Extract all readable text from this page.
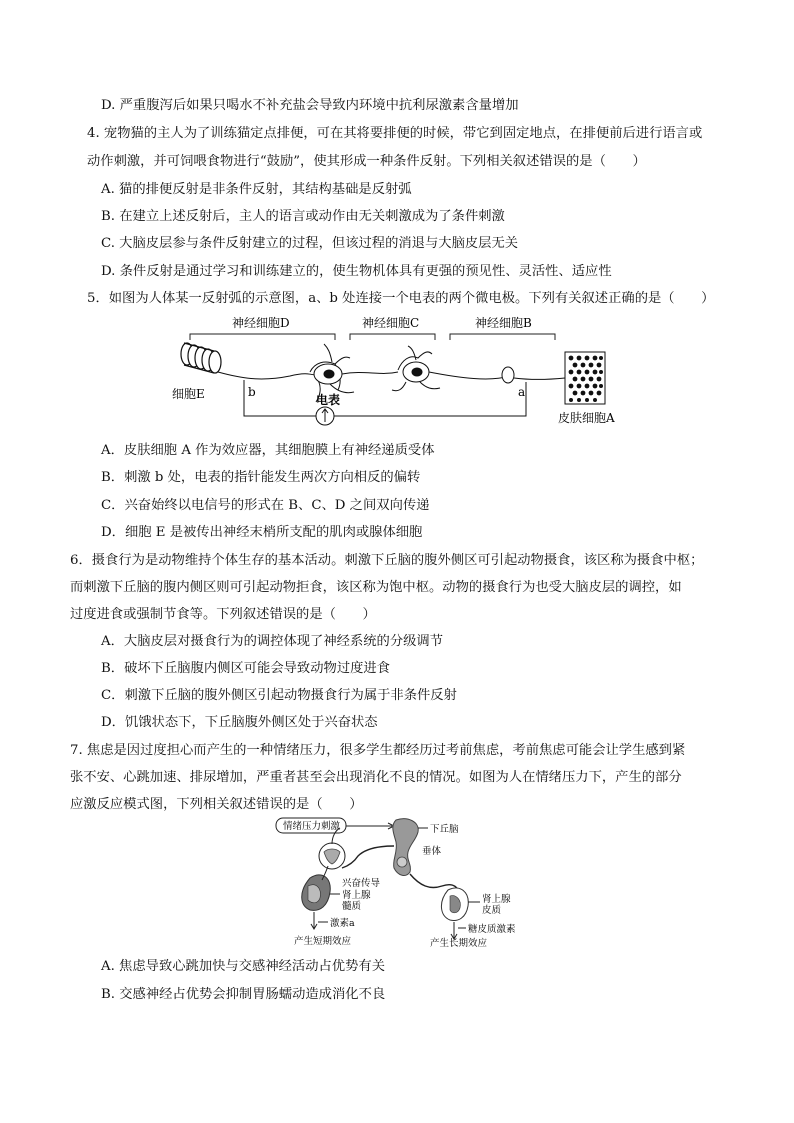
D. 严重腹泻后如果只喝水不补充盐会导致内环境中抗利尿激素含量增加
4. 宠物猫的主人为了训练猫定点排便，可在其将要排便的时候，带它到固定地点，在排便前后进行语言或
动作刺激，并可饲喂食物进行“鼓励”，使其形成一种条件反射。下列相关叙述错误的是（　　）
A. 猫的排便反射是非条件反射，其结构基础是反射弧
B. 在建立上述反射后，主人的语言或动作由无关刺激成为了条件刺激
C. 大脑皮层参与条件反射建立的过程，但该过程的消退与大脑皮层无关
D. 条件反射是通过学习和训练建立的，使生物机体具有更强的预见性、灵活性、适应性
5．如图为人体某一反射弧的示意图，a、b 处连接一个电表的两个微电极。下列有关叙述正确的是（　　）
神经细胞D	神经细胞C	神经细胞B
细胞E
皮肤细胞A
电表
b	a
A．皮肤细胞 A 作为效应器，其细胞膜上有神经递质受体
B．刺激 b 处，电表的指针能发生两次方向相反的偏转
C．兴奋始终以电信号的形式在 B、C、D 之间双向传递
D．细胞 E 是被传出神经末梢所支配的肌肉或腺体细胞
6．摄食行为是动物维持个体生存的基本活动。刺激下丘脑的腹外侧区可引起动物摄食，该区称为摄食中枢；
而刺激下丘脑的腹内侧区则可引起动物拒食，该区称为饱中枢。动物的摄食行为也受大脑皮层的调控，如
过度进食或强制节食等。下列叙述错误的是（　　）
A．大脑皮层对摄食行为的调控体现了神经系统的分级调节
B．破坏下丘脑腹内侧区可能会导致动物过度进食
C．刺激下丘脑的腹外侧区引起动物摄食行为属于非条件反射
D．饥饿状态下，下丘脑腹外侧区处于兴奋状态
7. 焦虑是因过度担心而产生的一种情绪压力，很多学生都经历过考前焦虑，考前焦虑可能会让学生感到紧
张不安、心跳加速、排尿增加，严重者甚至会出现消化不良的情况。如图为人在情绪压力下，产生的部分
应激反应模式图，下列相关叙述错误的是（　　）
情绪压力刺激	下丘脑
垂体
兴奋传导
肾上腺
髓质
激素a
产生短期效应
肾上腺
皮质
糖皮质激素
产生长期效应
A. 焦虑导致心跳加快与交感神经活动占优势有关
B. 交感神经占优势会抑制胃肠蠕动造成消化不良
